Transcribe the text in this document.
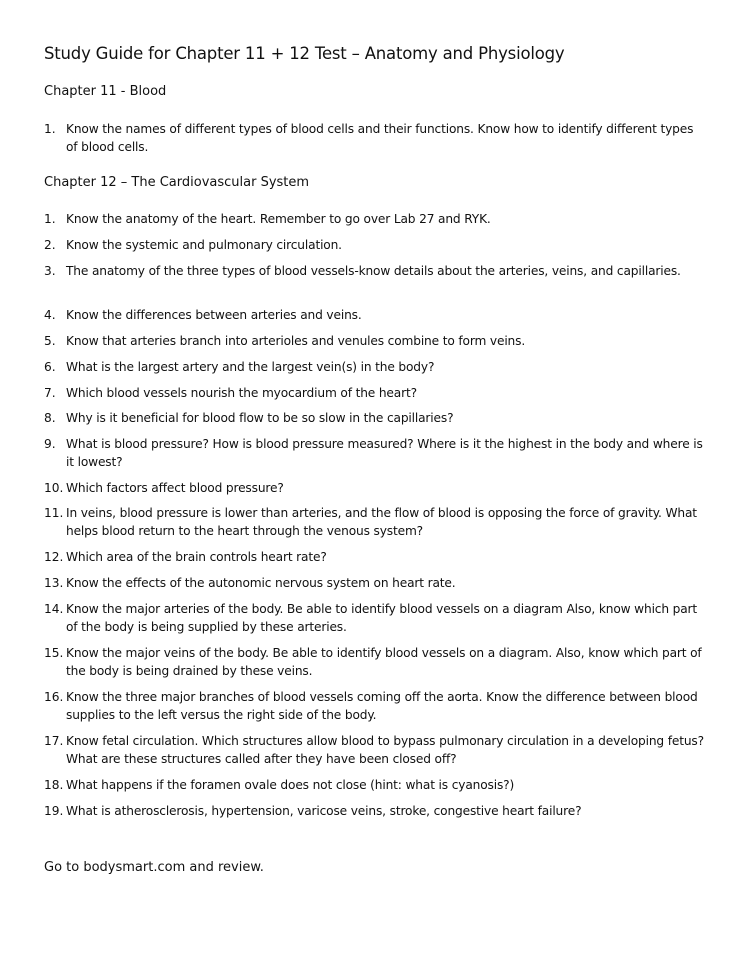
Study Guide for Chapter 11 + 12 Test – Anatomy and Physiology
Chapter 11 - Blood
1. Know the names of different types of blood cells and their functions. Know how to identify different types of blood cells.
Chapter 12 – The Cardiovascular System
1. Know the anatomy of the heart. Remember to go over Lab 27 and RYK.
2. Know the systemic and pulmonary circulation.
3. The anatomy of the three types of blood vessels-know details about the arteries, veins, and capillaries.
4. Know the differences between arteries and veins.
5. Know that arteries branch into arterioles and venules combine to form veins.
6. What is the largest artery and the largest vein(s) in the body?
7. Which blood vessels nourish the myocardium of the heart?
8. Why is it beneficial for blood flow to be so slow in the capillaries?
9. What is blood pressure? How is blood pressure measured? Where is it the highest in the body and where is it lowest?
10. Which factors affect blood pressure?
11. In veins, blood pressure is lower than arteries, and the flow of blood is opposing the force of gravity. What helps blood return to the heart through the venous system?
12. Which area of the brain controls heart rate?
13. Know the effects of the autonomic nervous system on heart rate.
14. Know the major arteries of the body. Be able to identify blood vessels on a diagram Also, know which part of the body is being supplied by these arteries.
15. Know the major veins of the body. Be able to identify blood vessels on a diagram. Also, know which part of the body is being drained by these veins.
16. Know the three major branches of blood vessels coming off the aorta. Know the difference between blood supplies to the left versus the right side of the body.
17. Know fetal circulation. Which structures allow blood to bypass pulmonary circulation in a developing fetus? What are these structures called after they have been closed off?
18. What happens if the foramen ovale does not close (hint: what is cyanosis?)
19. What is atherosclerosis, hypertension, varicose veins, stroke, congestive heart failure?
Go to bodysmart.com and review.
